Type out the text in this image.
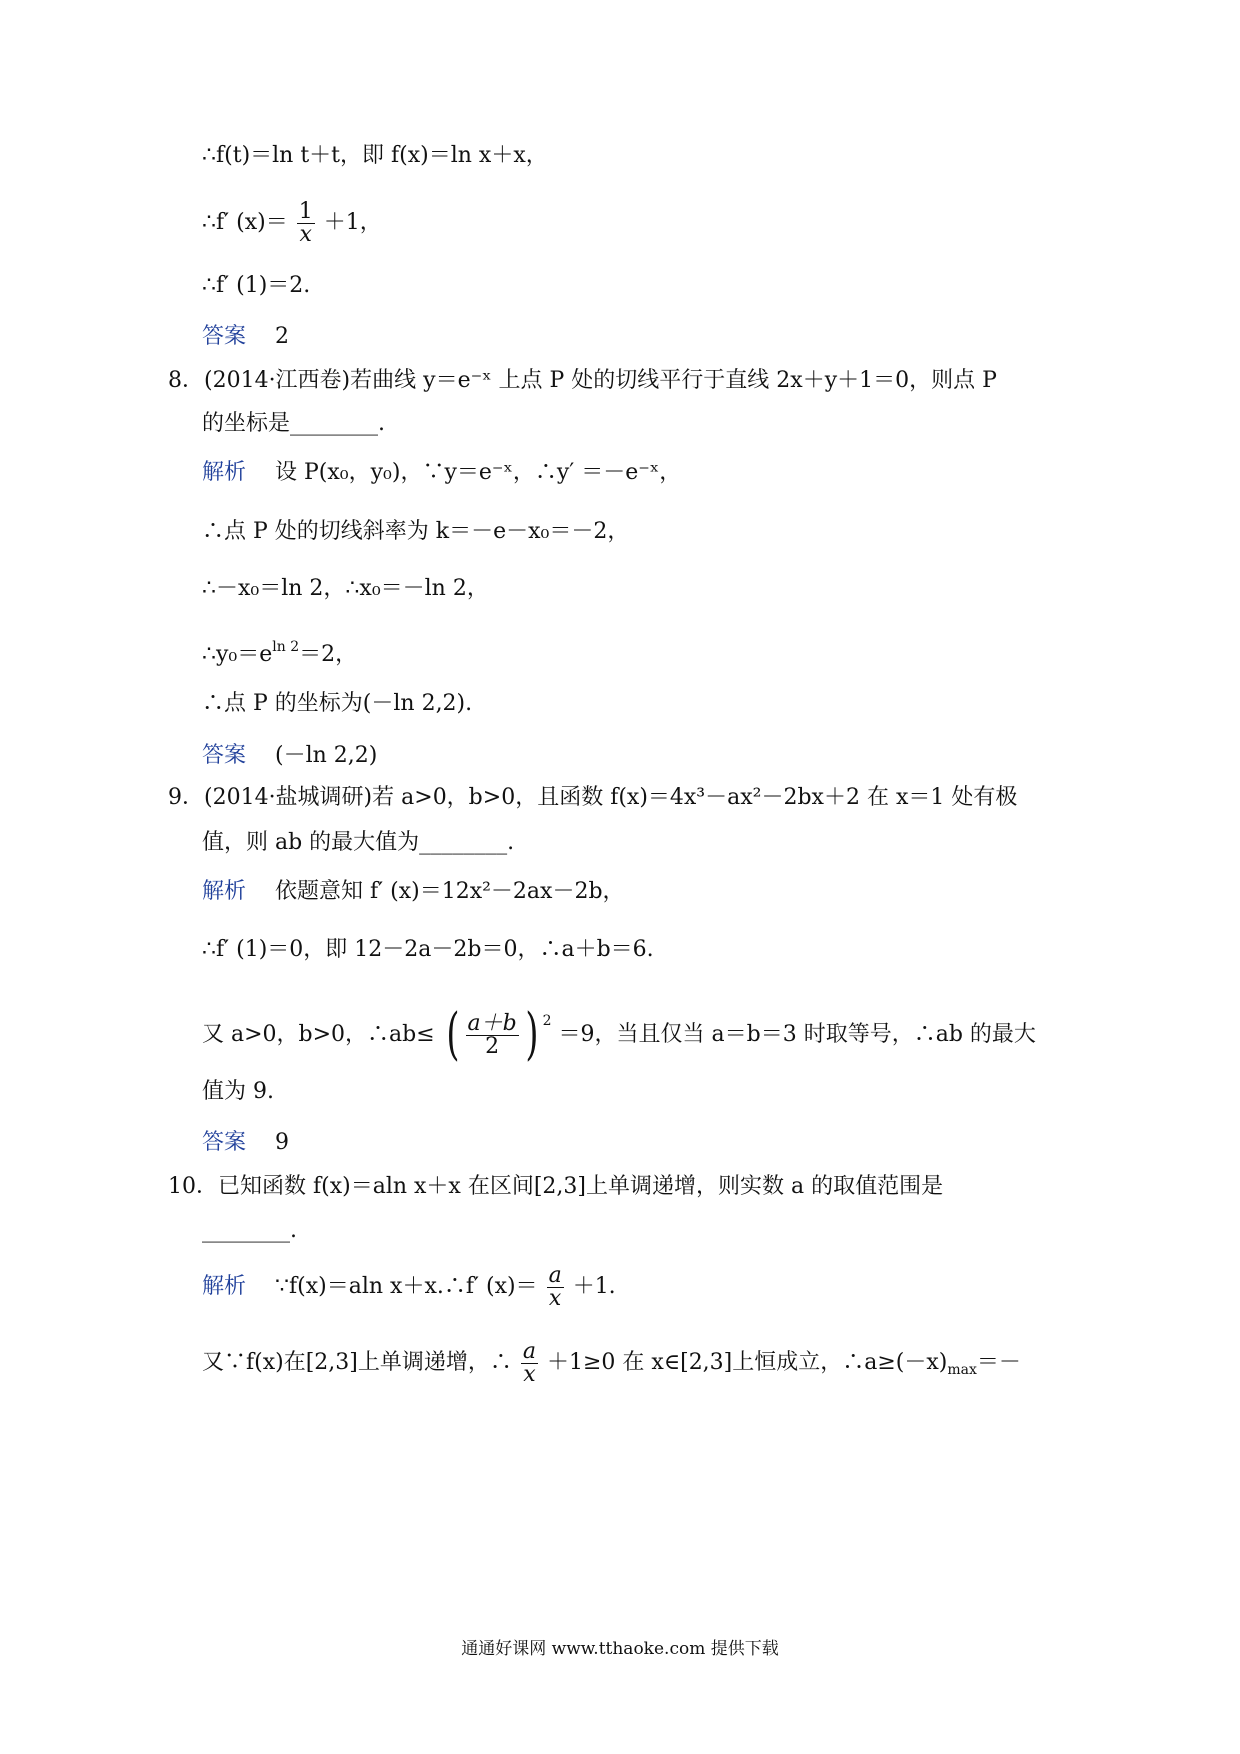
∴f(t)＝ln t＋t，即 f(x)＝ln x＋x，
∴f′ $(x)= \frac{1}{x} +1$，
∴f′ (1)＝2.
答案 2
8．(2014·江西卷)若曲线 y＝e⁻ˣ 上点 P 处的切线平行于直线 2x＋y＋1＝0，则点 P
的坐标是________.
解析 设 P(x₀，y₀)，∵y＝e⁻ˣ，∴y′ ＝－e⁻ˣ，
∴点 P 处的切线斜率为 k＝－e－x₀＝－2，
∴－x₀＝ln 2，∴x₀＝－ln 2，
$\therefore y_0=e^{ln 2}=2$，
∴点 P 的坐标为(－ln 2,2).
答案 (－ln 2,2)
9．(2014·盐城调研)若 a>0，b>0，且函数 f(x)＝4x³－ax²－2bx＋2 在 x＝1 处有极
值，则 ab 的最大值为________.
解析 依题意知 f′ (x)＝12x²－2ax－2b，
∴f′ (1)＝0，即 12－2a－2b＝0，∴a＋b＝6.
又 a>0，b>0，∴ab≤ ( $\frac{a+b}{2}$ ) $^2$ ＝9，当且仅当 a＝b＝3 时取等号，∴ab 的最大
值为 9.
答案 9
10．已知函数 f(x)＝aln x＋x 在区间[2,3]上单调递增，则实数 a 的取值范围是
________.
解析 ∵f(x)＝aln x＋x.∴f′ $(x)= \frac{a}{x} +1$.
又∵f(x)在[2,3]上单调递增，∴ $\frac{a}{x} +1\ge 0$ 在 x∈[2,3]上恒成立，$\therefore a\ge(-x)_{max}=-$
通通好课网 www.tthaoke.com 提供下载
